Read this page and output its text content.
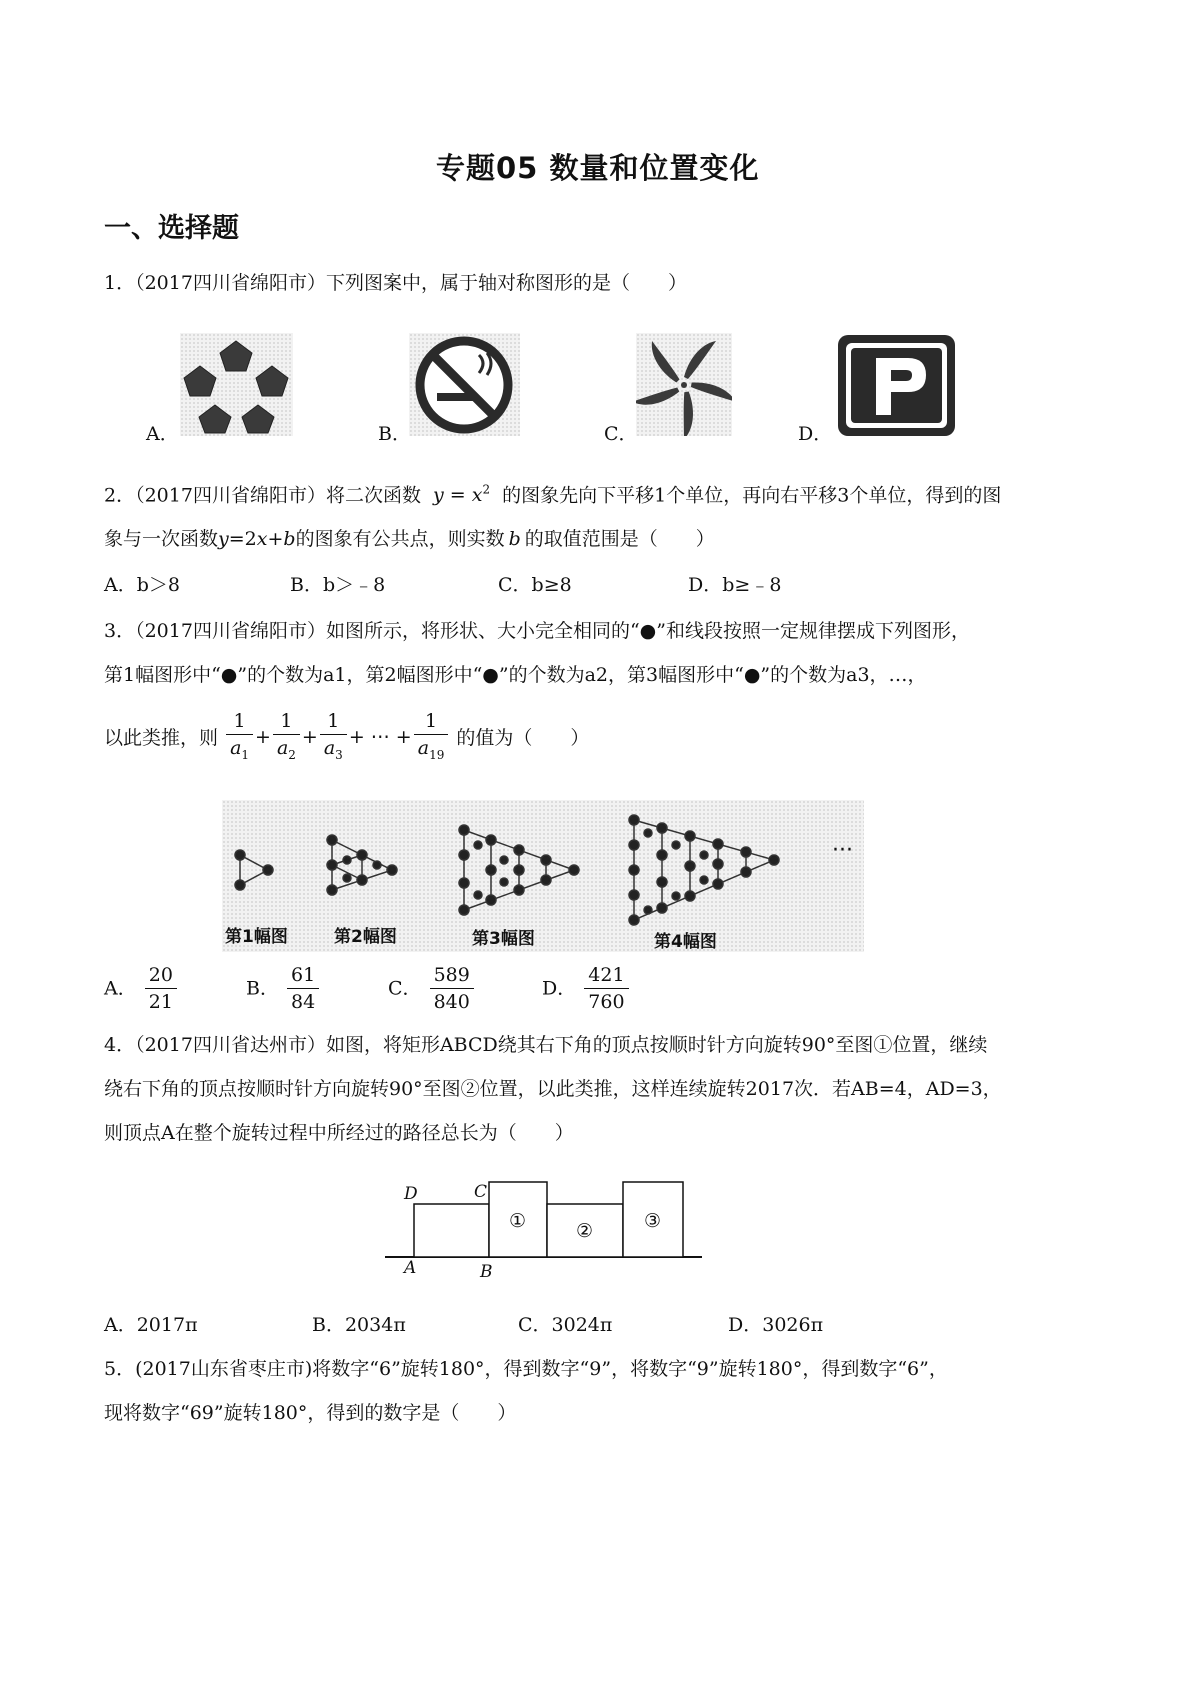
专题05 数量和位置变化
一、选择题
1．（2017四川省绵阳市）下列图案中，属于轴对称图形的是（　　）
A．	B．	C．	D．
2．（2017四川省绵阳市）将二次函数 $y = x^2$ 的图象先向下平移1个单位，再向右平移3个单位，得到的图
象与一次函数y=2x+b的图象有公共点，则实数 b 的取值范围是（　　）
A．b＞8	B．b＞﹣8	C．b≥8	D．b≥﹣8
3．（2017四川省绵阳市）如图所示，将形状、大小完全相同的“●”和线段按照一定规律摆成下列图形，
第1幅图形中“●”的个数为a1，第2幅图形中“●”的个数为a2，第3幅图形中“●”的个数为a3，…，
以此类推，则 $\frac{1}{a_1} + \frac{1}{a_2} + \frac{1}{a_3}$ + ⋯ + $\frac{1}{a_{19}}$ 的值为（　　）
···
第1幅图	第2幅图	第3幅图	第4幅图
A． $\frac{20}{21}$	B． $\frac{61}{84}$	C． $\frac{589}{840}$	D． $\frac{421}{760}$
4．（2017四川省达州市）如图，将矩形ABCD绕其右下角的顶点按顺时针方向旋转90°至图①位置，继续
绕右下角的顶点按顺时针方向旋转90°至图②位置，以此类推，这样连续旋转2017次．若AB=4，AD=3，
则顶点A在整个旋转过程中所经过的路径总长为（　　）
D	C
A	B
①	②	③
A．2017π	B．2034π	C．3024π	D．3026π
5．(2017山东省枣庄市)将数字“6”旋转180°，得到数字“9”，将数字“9”旋转180°，得到数字“6”，
现将数字“69”旋转180°，得到的数字是（　　）
